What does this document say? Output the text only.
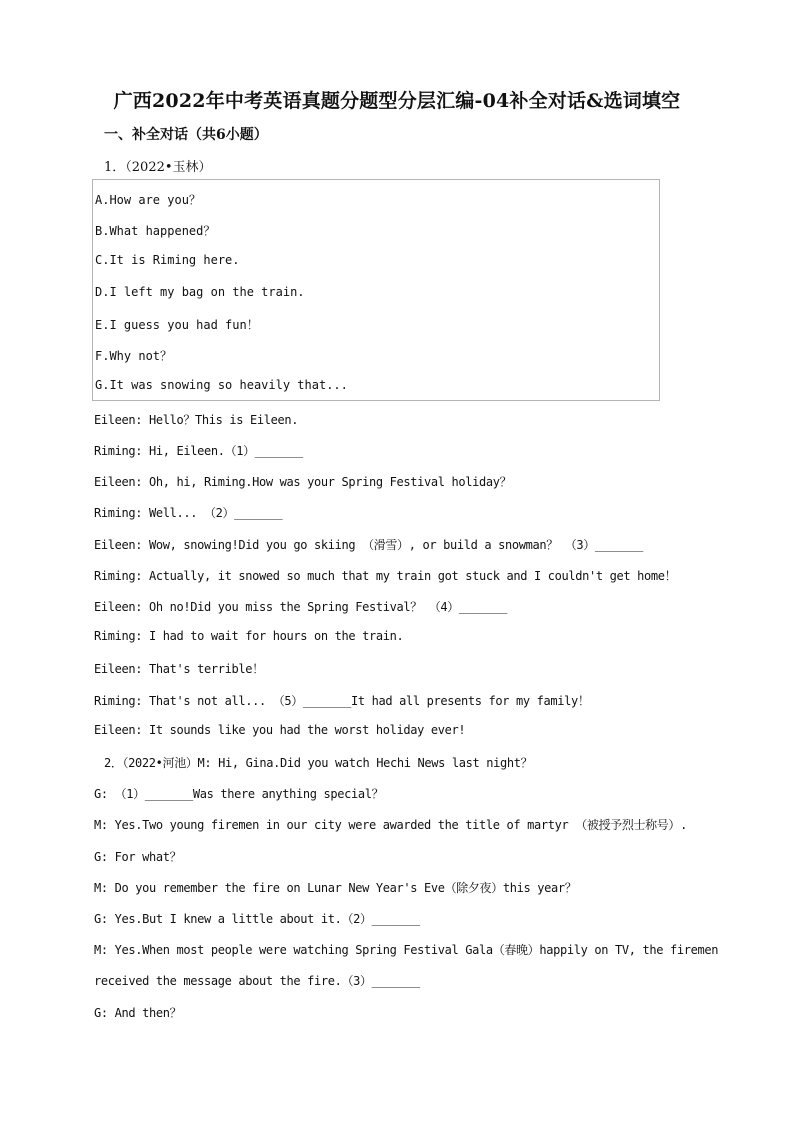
广西2022年中考英语真题分题型分层汇编-04补全对话&选词填空
一、补全对话（共6小题）
1．（2022•玉林）
A.How are you？
B.What happened？
C.It is Riming here.
D.I left my bag on the train.
E.I guess you had fun！
F.Why not？
G.It was snowing so heavily that...
Eileen: Hello？This is Eileen.
Riming: Hi, Eileen.（1）_______
Eileen: Oh, hi, Riming.How was your Spring Festival holiday？
Riming: Well... （2）_______
Eileen: Wow, snowing!Did you go skiing （滑雪）, or build a snowman？ （3）_______
Riming: Actually, it snowed so much that my train got stuck and I couldn't get home！
Eileen: Oh no!Did you miss the Spring Festival？ （4）_______
Riming: I had to wait for hours on the train.
Eileen: That's terrible！
Riming: That's not all... （5）_______It had all presents for my family！
Eileen: It sounds like you had the worst holiday ever!
2．（2022•河池）M: Hi, Gina.Did you watch Hechi News last night？
G: （1）_______Was there anything special？
M: Yes.Two young firemen in our city were awarded the title of martyr （被授予烈士称号）.
G: For what？
M: Do you remember the fire on Lunar New Year's Eve（除夕夜）this year？
G: Yes.But I knew a little about it.（2）_______
M: Yes.When most people were watching Spring Festival Gala（春晚）happily on TV, the firemen
received the message about the fire.（3）_______
G: And then？
